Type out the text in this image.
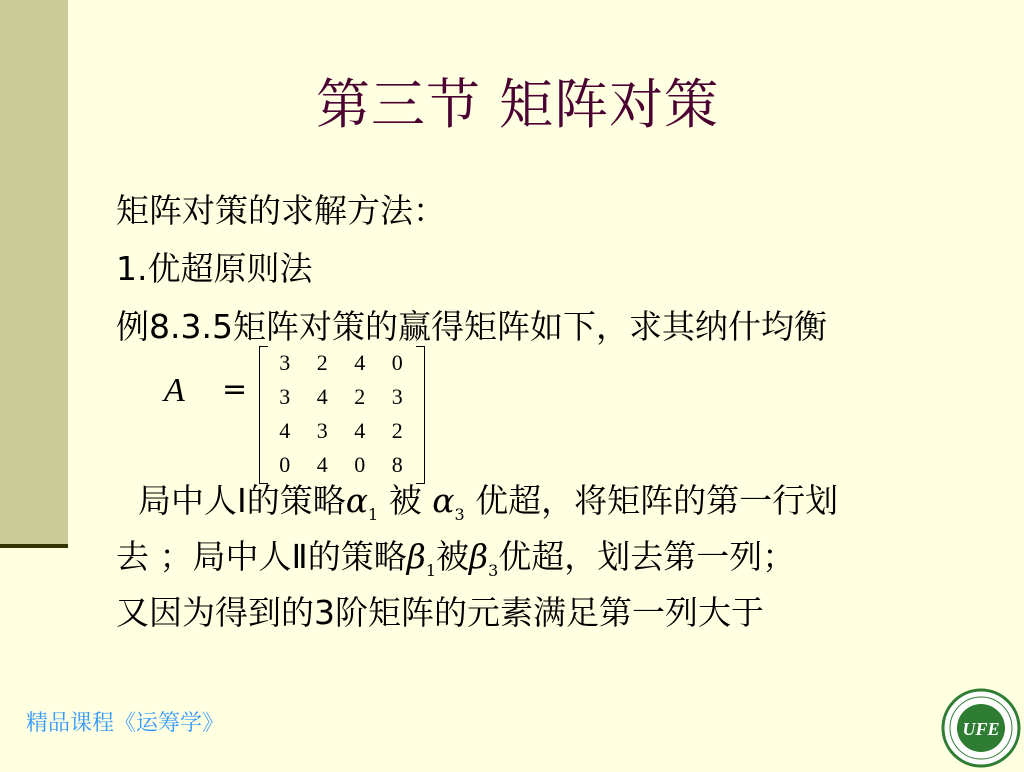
第三节 矩阵对策
矩阵对策的求解方法：
1.优超原则法
例8.3.5矩阵对策的赢得矩阵如下，求其纳什均衡
A =
3	2	4	0
3	4	2	3
4	3	4	2
0	4	0	8
局中人Ⅰ的策略$\alpha_1$ 被 $\alpha_3$ 优超，将矩阵的第一行划
去 ；局中人Ⅱ的策略$\beta_1$被$\beta_3$优超，划去第一列；
又因为得到的3阶矩阵的元素满足第一列大于
精品课程《运筹学》	UFE
